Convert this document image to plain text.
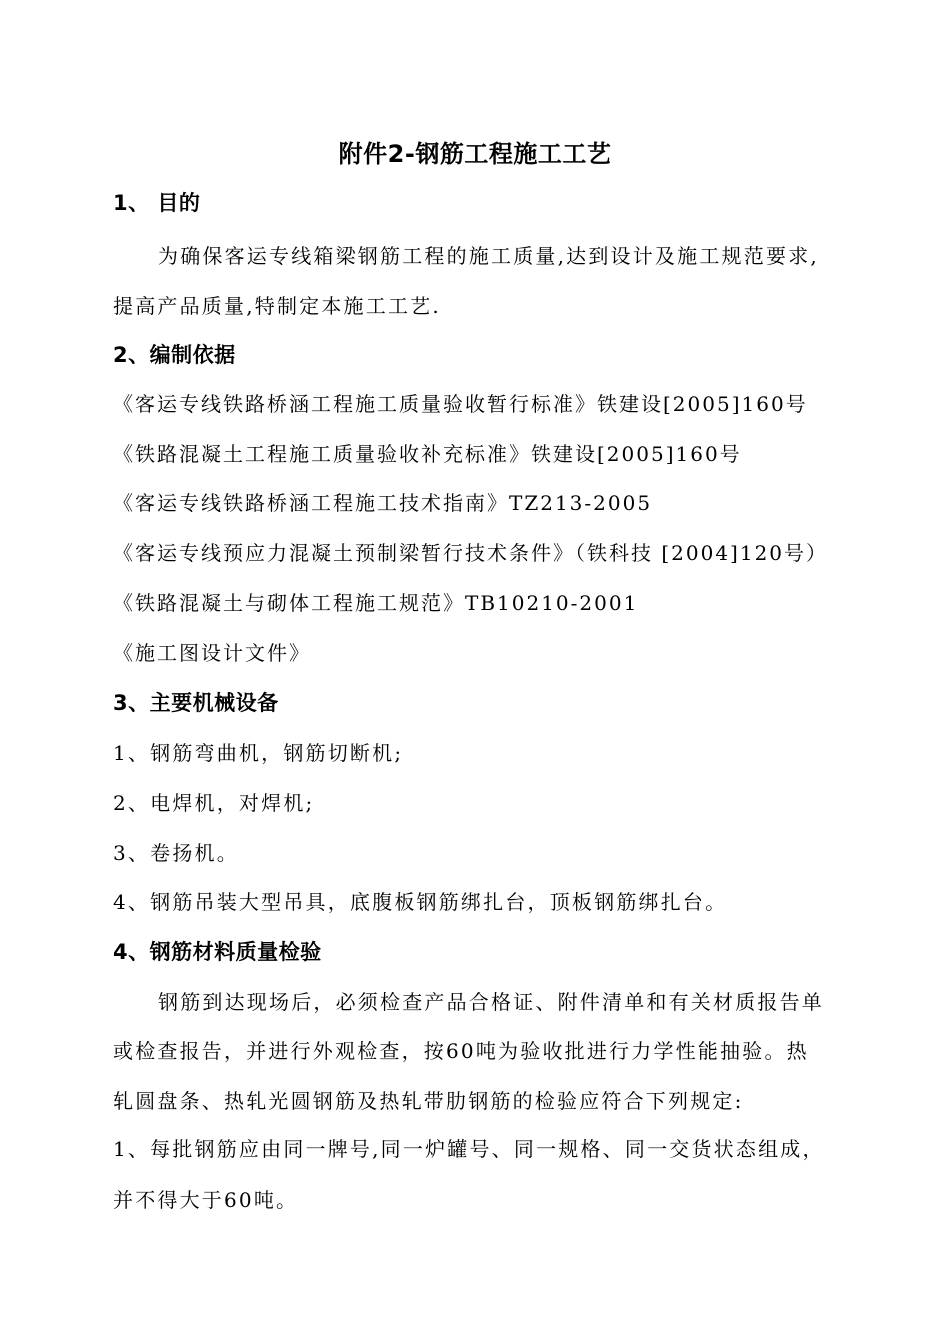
附件2-钢筋工程施工工艺
1、 目的
为确保客运专线箱梁钢筋工程的施工质量,达到设计及施工规范要求,
提高产品质量,特制定本施工工艺.
2、编制依据
《客运专线铁路桥涵工程施工质量验收暂行标准》铁建设[2005]160号
《铁路混凝土工程施工质量验收补充标准》铁建设[2005]160号
《客运专线铁路桥涵工程施工技术指南》TZ213-2005
《客运专线预应力混凝土预制梁暂行技术条件》（铁科技 [2004]120号）
《铁路混凝土与砌体工程施工规范》TB10210-2001
《施工图设计文件》
3、主要机械设备
1、钢筋弯曲机，钢筋切断机;
2、电焊机，对焊机;
3、卷扬机。
4、钢筋吊装大型吊具，底腹板钢筋绑扎台，顶板钢筋绑扎台。
4、钢筋材料质量检验
钢筋到达现场后，必须检查产品合格证、附件清单和有关材质报告单
或检查报告，并进行外观检查，按60吨为验收批进行力学性能抽验。热
轧圆盘条、热轧光圆钢筋及热轧带肋钢筋的检验应符合下列规定:
1、每批钢筋应由同一牌号,同一炉罐号、同一规格、同一交货状态组成，
并不得大于60吨。
